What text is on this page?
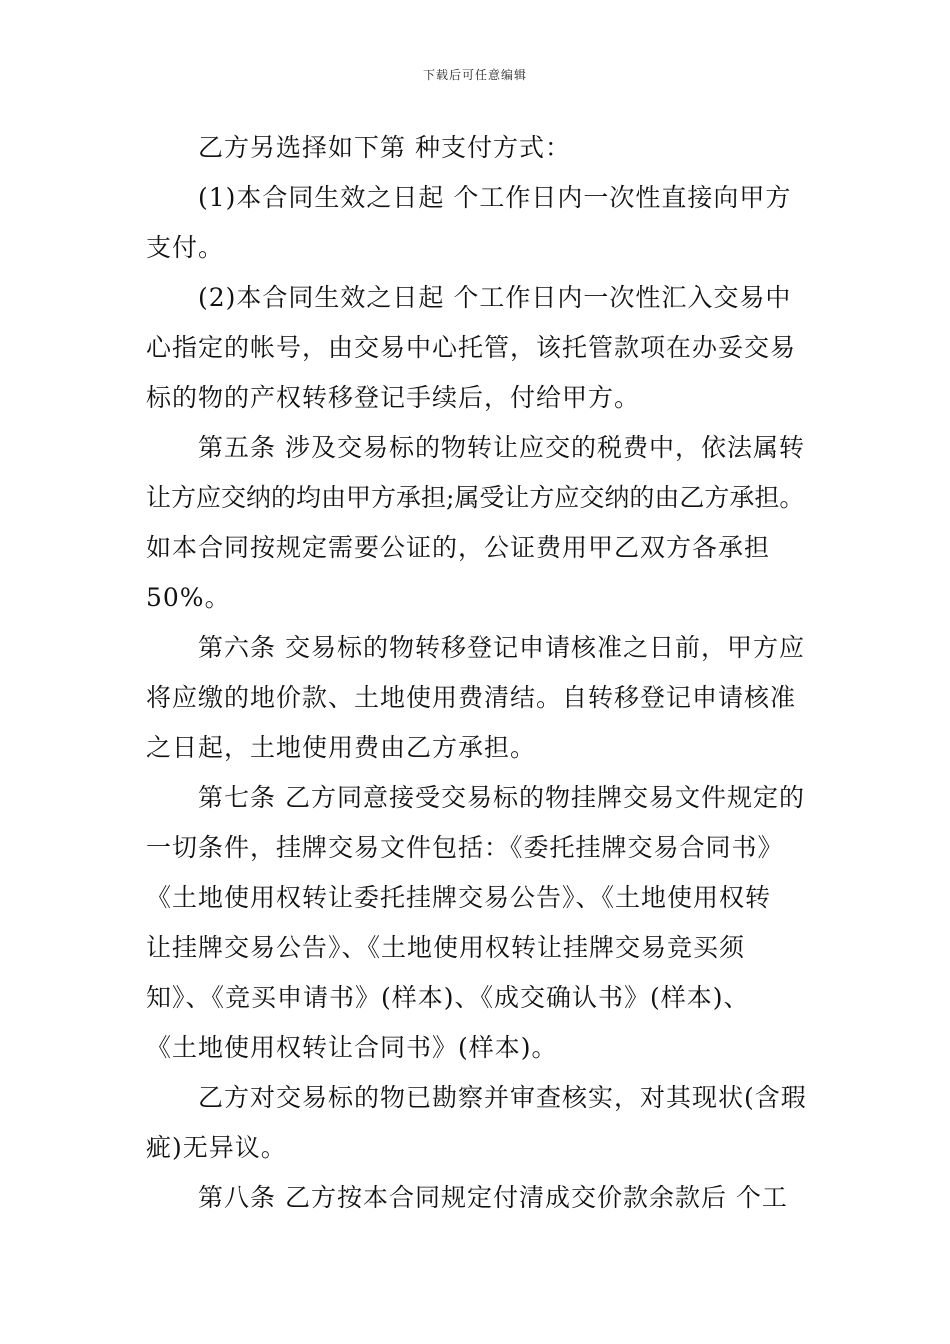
下载后可任意编辑
乙方另选择如下第 种支付方式：
(1)本合同生效之日起 个工作日内一次性直接向甲方
支付。
(2)本合同生效之日起 个工作日内一次性汇入交易中
心指定的帐号，由交易中心托管，该托管款项在办妥交易
标的物的产权转移登记手续后，付给甲方。
第五条 涉及交易标的物转让应交的税费中，依法属转
让方应交纳的均由甲方承担;属受让方应交纳的由乙方承担。
如本合同按规定需要公证的，公证费用甲乙双方各承担
50%。
第六条 交易标的物转移登记申请核准之日前，甲方应
将应缴的地价款、土地使用费清结。自转移登记申请核准
之日起，土地使用费由乙方承担。
第七条 乙方同意接受交易标的物挂牌交易文件规定的
一切条件，挂牌交易文件包括：《委托挂牌交易合同书》
《土地使用权转让委托挂牌交易公告》、《土地使用权转
让挂牌交易公告》、《土地使用权转让挂牌交易竞买须
知》、《竞买申请书》(样本)、《成交确认书》(样本)、
《土地使用权转让合同书》(样本)。
乙方对交易标的物已勘察并审查核实，对其现状(含瑕
疵)无异议。
第八条 乙方按本合同规定付清成交价款余款后 个工
